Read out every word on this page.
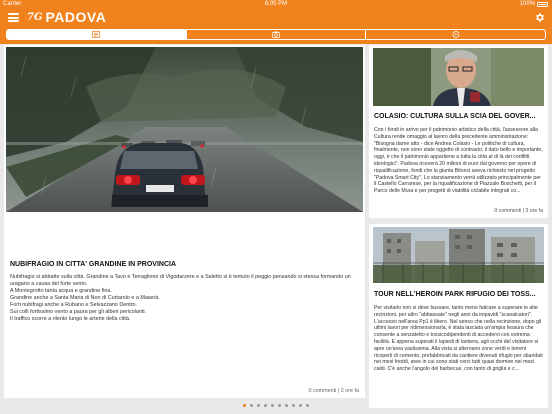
Carrier	6:05 PM	100%
7G PADOVA
NUBIFRAGIO IN CITTA' GRANDINE IN PROVINCIA

Nubifragio si abbatte sulla città. Grandine a Tavo e Terraglione di Vigodarzere e a Saletto si è temuto il peggio pensando si stessa formando un uragano a causa del forte vento.

A Montegrotto tanta acqua e grandine fina.

Grandine anche a Santa Maria di Non di Curtarolo e a Maserà.

Forti nubifragi anche a Rubano e Selvazzano Dentro.

Sui colli fortissimo vento a paura per gli alberi pericolanti.

Il traffico scorre a rilento lungo le arterie della città.

0 commenti | 2 ore fa
COLASIO: CULTURA SULLA SCIA DEL GOVER...
Con i fondi in arrivo per il patrimonio artistico della città, l'assessore alla Cultura rende omaggio al lavoro della precedente amministrazione: "Bisogna darne atto - dice Andrea Colasio - Le politiche di cultura, finalmente, non sono state oggetto di contrasto; il dato bello e importante, oggi, è che il patrimonio appartiene a tutta la città al di là dei conflitti ideologici". Padova riceverà 20 milioni di euro dal governo per opere di riqualificazione, fondi che la giunta Bitonci aveva richiesto nel progetto "Padova Smart City". Lo stanziamento verrà utilizzato principalmente per il Castello Carrarese, per la riqualificazione di Piazzale Boschetti, per il Parco delle Mura e per progetti di viabilità ciclabile integrati co...
0 commenti | 3 ore fa
TOUR NELL'HEROIN PARK RIFUGIO DEI TOSS...
Per visitarlo non si deve bussare, tanto meno faticare a superare le alte recinzioni, per altro "abbassate" negli anni da impavidi "scavalcatori". L'accesso nell'area Pp1 è libero. Nel senso che nella recinzione, dopo gli ultimi lavori per ridimensionarla, è stata lasciata un'ampia fessura che consente a senzatetto e tossicodipendenti di accedervi con estrema facilità. E appena superati il lapiedi di lamiera, agli occhi del visitatore si apre un'area vastissima. Alla vista si alternano zone verdi e terreni ricoperti di cemento, prefabbricati da cantiere divenuti rifugio per sbandati nei mesi freddi, aree in cui sono stati cerci tutti quasi dormire nei mesi caldi. C'è anche l'angolo del barbecue, con tanto di griglia e c...
